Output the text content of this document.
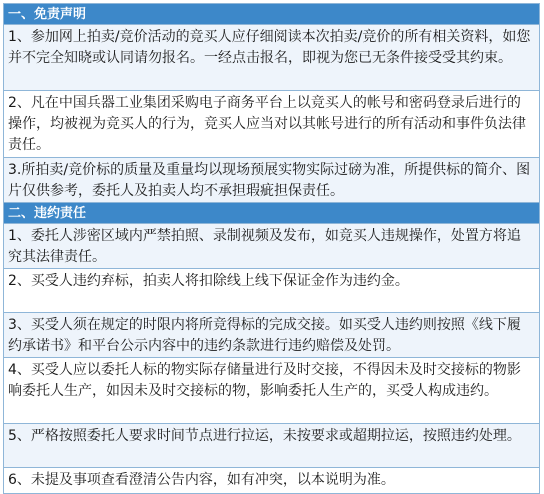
一、免责声明
1、参加网上拍卖/竞价活动的竞买人应仔细阅读本次拍卖/竞价的所有相关资料，如您并不完全知晓或认同请勿报名。一经点击报名，即视为您已无条件接受受其约束。
2、凡在中国兵器工业集团采购电子商务平台上以竞买人的帐号和密码登录后进行的操作，均被视为竞买人的行为，竞买人应当对以其帐号进行的所有活动和事件负法律责任。
3.所拍卖/竞价标的质量及重量均以现场预展实物实际过磅为准，所提供标的简介、图片仅供参考，委托人及拍卖人均不承担瑕疵担保责任。
二、违约责任
1、委托人涉密区域内严禁拍照、录制视频及发布，如竞买人违规操作，处置方将追究其法律责任。
2、买受人违约弃标，拍卖人将扣除线上线下保证金作为违约金。
3、买受人须在规定的时限内将所竞得标的完成交接。如买受人违约则按照《线下履约承诺书》和平台公示内容中的违约条款进行违约赔偿及处罚。
4、买受人应以委托人标的物实际存储量进行及时交接，不得因未及时交接标的物影响委托人生产，如因未及时交接标的物，影响委托人生产的，买受人构成违约。
5、严格按照委托人要求时间节点进行拉运，未按要求或超期拉运，按照违约处理。
6、未提及事项查看澄清公告内容，如有冲突，以本说明为准。
